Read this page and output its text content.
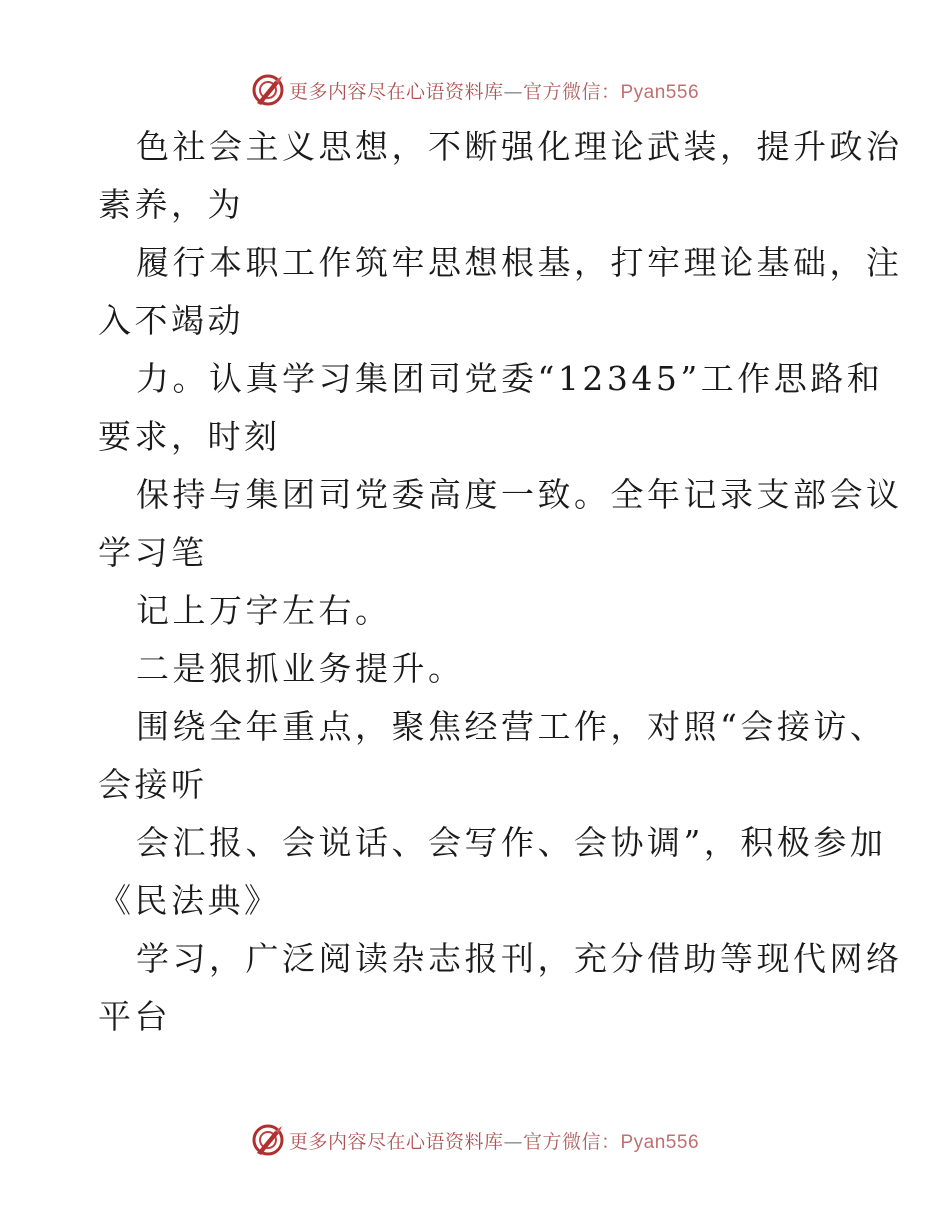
更多内容尽在心语资料库—官方微信：Pyan556
色社会主义思想，不断强化理论武装，提升政治
素养，为
履行本职工作筑牢思想根基，打牢理论基础，注
入不竭动
力。认真学习集团司党委“12345”工作思路和
要求，时刻
保持与集团司党委高度一致。全年记录支部会议
学习笔
记上万字左右。
二是狠抓业务提升。
围绕全年重点，聚焦经营工作，对照“会接访、
会接听
会汇报、会说话、会写作、会协调”，积极参加
《民法典》
学习，广泛阅读杂志报刊，充分借助等现代网络
平台
更多内容尽在心语资料库—官方微信：Pyan556
